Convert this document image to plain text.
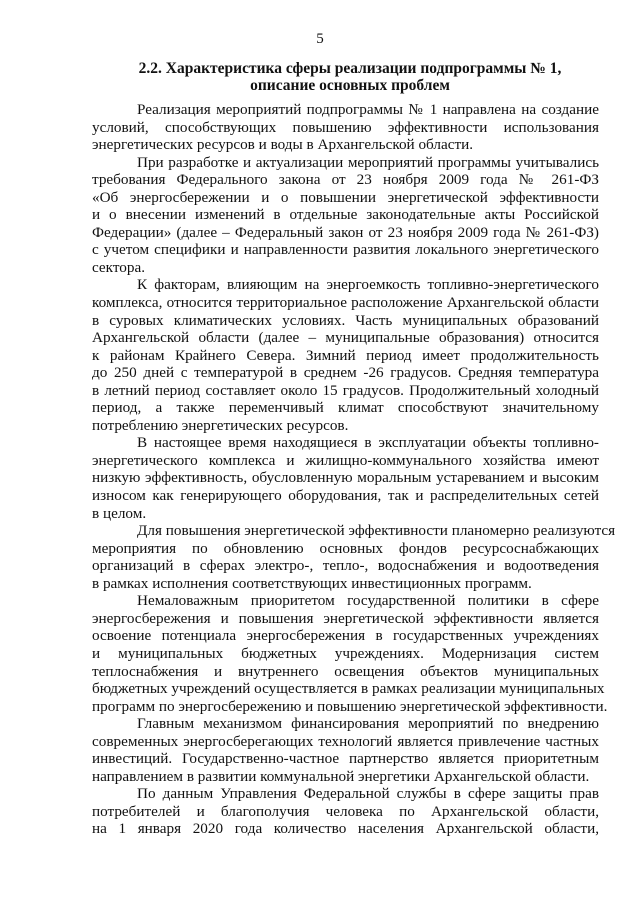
5
2.2. Характеристика сферы реализации подпрограммы № 1,
описание основных проблем
Реализация мероприятий подпрограммы № 1 направлена на создание
условий, способствующих повышению эффективности использования
энергетических ресурсов и воды в Архангельской области.
При разработке и актуализации мероприятий программы учитывались
требования Федерального закона от 23 ноября 2009 года № 261-ФЗ
«Об энергосбережении и о повышении энергетической эффективности
и о внесении изменений в отдельные законодательные акты Российской
Федерации» (далее – Федеральный закон от 23 ноября 2009 года № 261-ФЗ)
с учетом специфики и направленности развития локального энергетического
сектора.
К факторам, влияющим на энергоемкость топливно-энергетического
комплекса, относится территориальное расположение Архангельской области
в суровых климатических условиях. Часть муниципальных образований
Архангельской области (далее – муниципальные образования) относится
к районам Крайнего Севера. Зимний период имеет продолжительность
до 250 дней с температурой в среднем -26 градусов. Средняя температура
в летний период составляет около 15 градусов. Продолжительный холодный
период, а также переменчивый климат способствуют значительному
потреблению энергетических ресурсов.
В настоящее время находящиеся в эксплуатации объекты топливно-
энергетического комплекса и жилищно-коммунального хозяйства имеют
низкую эффективность, обусловленную моральным устареванием и высоким
износом как генерирующего оборудования, так и распределительных сетей
в целом.
Для повышения энергетической эффективности планомерно реализуются
мероприятия по обновлению основных фондов ресурсоснабжающих
организаций в сферах электро-, тепло-, водоснабжения и водоотведения
в рамках исполнения соответствующих инвестиционных программ.
Немаловажным приоритетом государственной политики в сфере
энергосбережения и повышения энергетической эффективности является
освоение потенциала энергосбережения в государственных учреждениях
и муниципальных бюджетных учреждениях. Модернизация систем
теплоснабжения и внутреннего освещения объектов муниципальных
бюджетных учреждений осуществляется в рамках реализации муниципальных
программ по энергосбережению и повышению энергетической эффективности.
Главным механизмом финансирования мероприятий по внедрению
современных энергосберегающих технологий является привлечение частных
инвестиций. Государственно-частное партнерство является приоритетным
направлением в развитии коммунальной энергетики Архангельской области.
По данным Управления Федеральной службы в сфере защиты прав
потребителей и благополучия человека по Архангельской области,
на 1 января 2020 года количество населения Архангельской области,
